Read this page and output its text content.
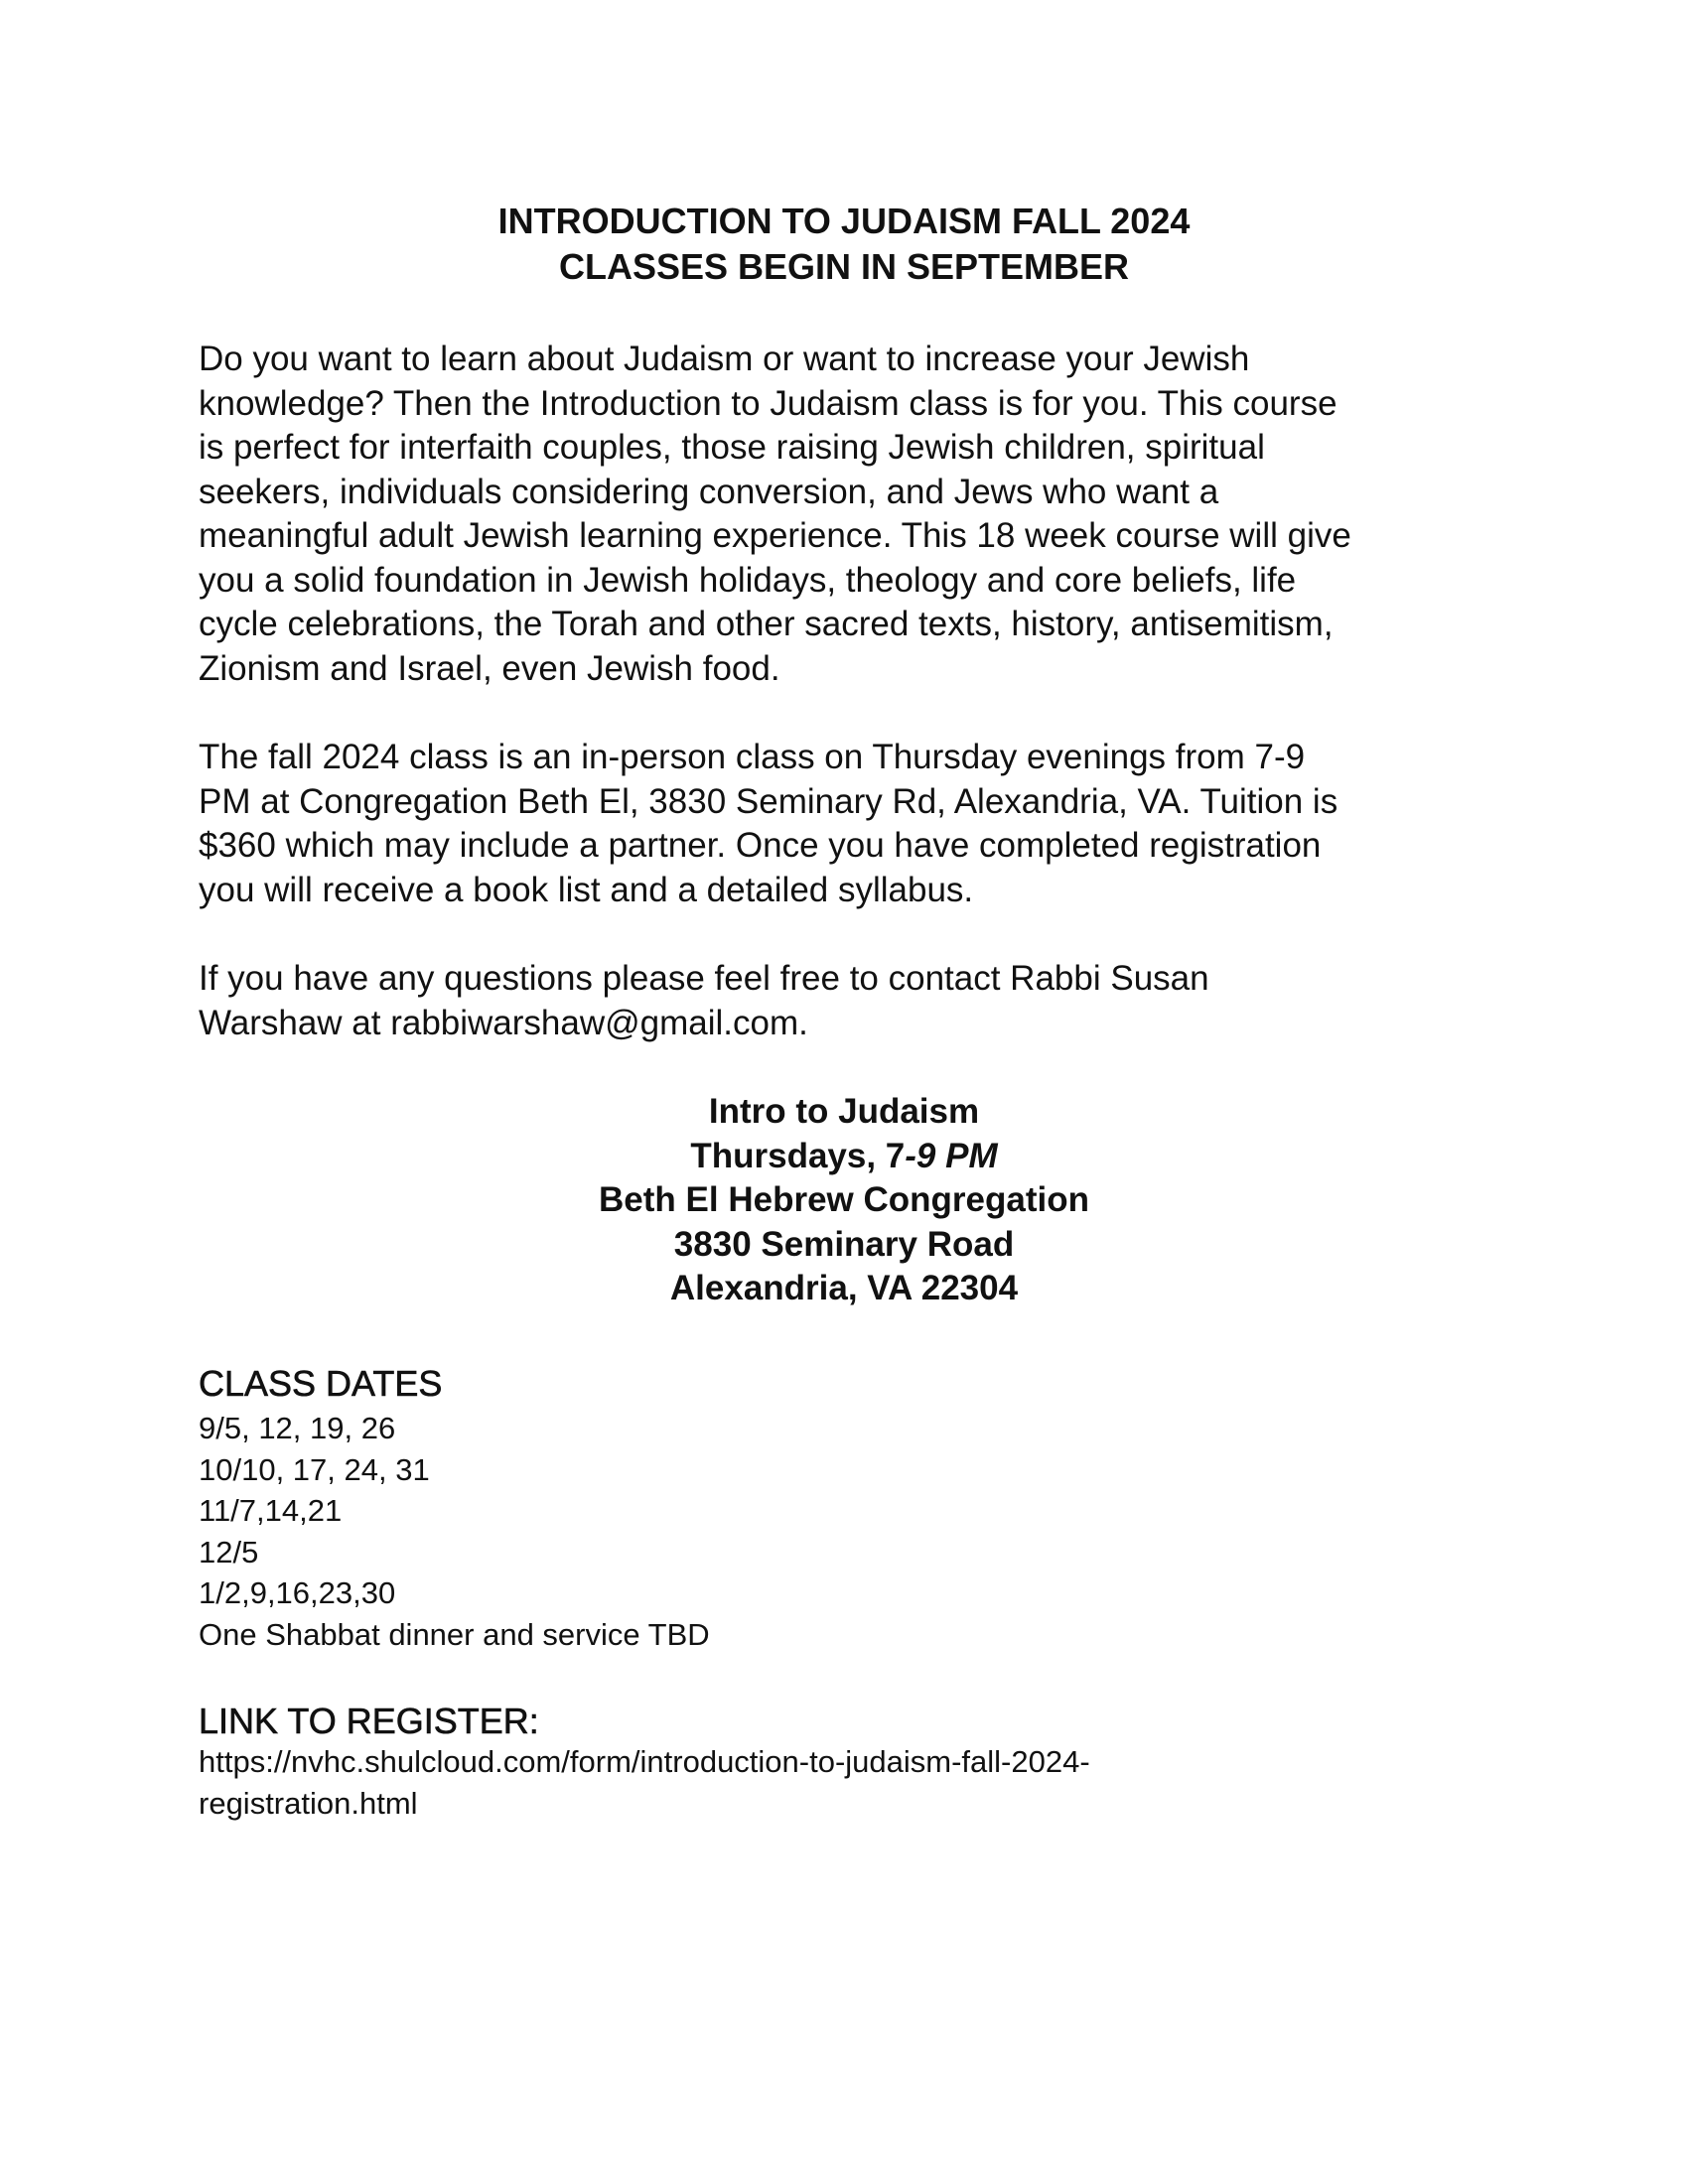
INTRODUCTION TO JUDAISM FALL 2024
CLASSES BEGIN IN SEPTEMBER
Do you want to learn about Judaism or want to increase your Jewish
knowledge? Then the Introduction to Judaism class is for you. This course
is perfect for interfaith couples, those raising Jewish children, spiritual
seekers, individuals considering conversion, and Jews who want a
meaningful adult Jewish learning experience. This 18 week course will give
you a solid foundation in Jewish holidays, theology and core beliefs, life
cycle celebrations, the Torah and other sacred texts, history, antisemitism,
Zionism and Israel, even Jewish food.
The fall 2024 class is an in-person class on Thursday evenings from 7-9
PM at Congregation Beth El, 3830 Seminary Rd, Alexandria, VA. Tuition is
$360 which may include a partner. Once you have completed registration
you will receive a book list and a detailed syllabus.
If you have any questions please feel free to contact Rabbi Susan
Warshaw at rabbiwarshaw@gmail.com.
Intro to Judaism
Thursdays, 7-9 PM
Beth El Hebrew Congregation
3830 Seminary Road
Alexandria, VA 22304
CLASS DATES
9/5, 12, 19, 26
10/10, 17, 24, 31
11/7,14,21
12/5
1/2,9,16,23,30
One Shabbat dinner and service TBD
LINK TO REGISTER:
https://nvhc.shulcloud.com/form/introduction-to-judaism-fall-2024-
registration.html
